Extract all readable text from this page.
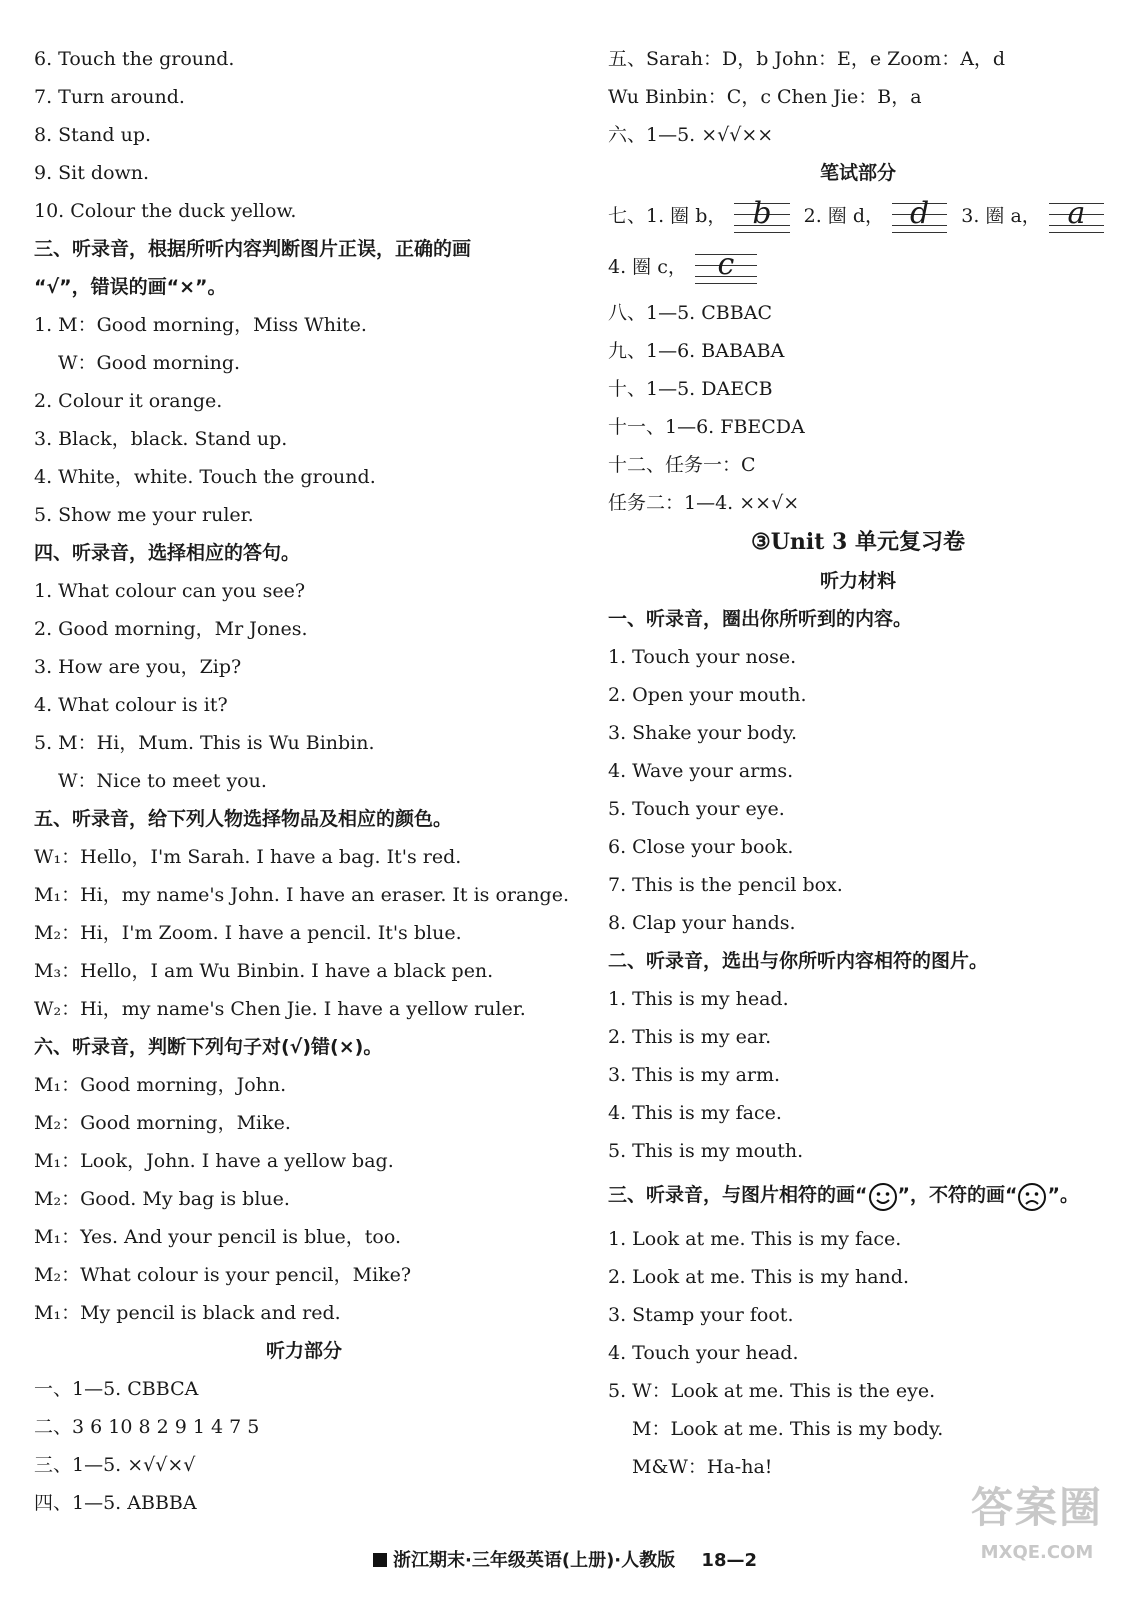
6. Touch the ground.
7. Turn around.
8. Stand up.
9. Sit down.
10. Colour the duck yellow.
三、听录音，根据所听内容判断图片正误，正确的画
“√”，错误的画“×”。
1. M：Good morning，Miss White.
W：Good morning.
2. Colour it orange.
3. Black，black. Stand up.
4. White，white. Touch the ground.
5. Show me your ruler.
四、听录音，选择相应的答句。
1. What colour can you see?
2. Good morning，Mr Jones.
3. How are you，Zip?
4. What colour is it?
5. M：Hi，Mum. This is Wu Binbin.
W：Nice to meet you.
五、听录音，给下列人物选择物品及相应的颜色。
W₁：Hello，I'm Sarah. I have a bag. It's red.
M₁：Hi，my name's John. I have an eraser. It is orange.
M₂：Hi，I'm Zoom. I have a pencil. It's blue.
M₃：Hello，I am Wu Binbin. I have a black pen.
W₂：Hi，my name's Chen Jie. I have a yellow ruler.
六、听录音，判断下列句子对(√)错(×)。
M₁：Good morning，John.
M₂：Good morning，Mike.
M₁：Look，John. I have a yellow bag.
M₂：Good. My bag is blue.
M₁：Yes. And your pencil is blue，too.
M₂：What colour is your pencil，Mike?
M₁：My pencil is black and red.
听力部分
一、1—5. CBBCA
二、3 6 10 8 2 9 1 4 7 5
三、1—5. ×√√×√
四、1—5. ABBBA
五、Sarah：D，b John：E，e Zoom：A，d
Wu Binbin：C，c Chen Jie：B，a
六、1—5. ×√√××
笔试部分
七、 1. 圈 b， b	2. 圈 d， d	3. 圈 a， a
4. 圈 c，	c
八、1—5. CBBAC
九、1—6. BABABA
十、1—5. DAECB
十一、1—6. FBECDA
十二、任务一：C
任务二：1—4. ××√×
③Unit 3 单元复习卷
听力材料
一、听录音，圈出你所听到的内容。
1. Touch your nose.
2. Open your mouth.
3. Shake your body.
4. Wave your arms.
5. Touch your eye.
6. Close your book.
7. This is the pencil box.
8. Clap your hands.
二、听录音，选出与你所听内容相符的图片。
1. This is my head.
2. This is my ear.
3. This is my arm.
4. This is my face.
5. This is my mouth.
三、听录音，与图片相符的画“ ”，不符的画“ ”。
1. Look at me. This is my face.
2. Look at me. This is my hand.
3. Stamp your foot.
4. Touch your head.
5. W：Look at me. This is the eye.
M：Look at me. This is my body.
M&W：Ha-ha!
浙江期末·三年级英语(上册)·人教版 18—2
答案圈
MXQE.COM
